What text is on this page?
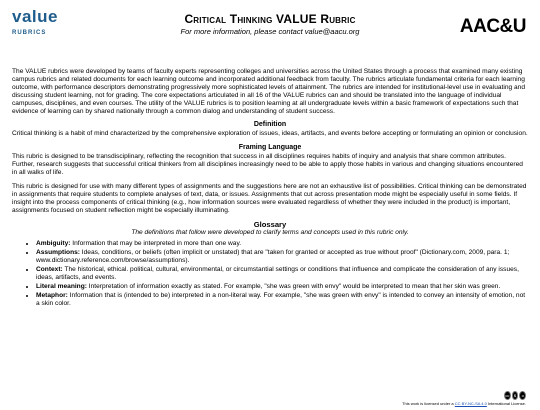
value
RUBRICS
Critical Thinking VALUE Rubric
For more information, please contact value@aacu.org	AAC&U

The VALUE rubrics were developed by teams of faculty experts representing colleges and universities across the United States through a process that examined many existing campus rubrics and related documents for each learning outcome and incorporated additional feedback from faculty. The rubrics articulate fundamental criteria for each learning outcome, with performance descriptors demonstrating progressively more sophisticated levels of attainment. The rubrics are intended for institutional-level use in evaluating and discussing student learning, not for grading. The core expectations articulated in all 16 of the VALUE rubrics can and should be translated into the language of individual campuses, disciplines, and even courses. The utility of the VALUE rubrics is to position learning at all undergraduate levels within a basic framework of expectations such that evidence of learning can by shared nationally through a common dialog and understanding of student success.

Definition

Critical thinking is a habit of mind characterized by the comprehensive exploration of issues, ideas, artifacts, and events before accepting or formulating an opinion or conclusion.

Framing Language

This rubric is designed to be transdisciplinary, reflecting the recognition that success in all disciplines requires habits of inquiry and analysis that share common attributes. Further, research suggests that successful critical thinkers from all disciplines increasingly need to be able to apply those habits in various and changing situations encountered in all walks of life.

This rubric is designed for use with many different types of assignments and the suggestions here are not an exhaustive list of possibilities. Critical thinking can be demonstrated in assignments that require students to complete analyses of text, data, or issues. Assignments that cut across presentation mode might be especially useful in some fields. If insight into the process components of critical thinking (e.g., how information sources were evaluated regardless of whether they were included in the product) is important, assignments focused on student reflection might be especially illuminating.

Glossary
The definitions that follow were developed to clarify terms and concepts used in this rubric only.
• Ambiguity: Information that may be interpreted in more than one way.
• Assumptions: Ideas, conditions, or beliefs (often implicit or unstated) that are "taken for granted or accepted as true without proof" (Dictionary.com, 2009, para. 1; www.dictionary.reference.com/browse/assumptions).
• Context: The historical, ethical. political, cultural, environmental, or circumstantial settings or conditions that influence and complicate the consideration of any issues, ideas, artifacts, and events.
• Literal meaning: Interpretation of information exactly as stated. For example, "she was green with envy" would be interpreted to mean that her skin was green.
• Metaphor: Information that is (intended to be) interpreted in a non-literal way. For example, "she was green with envy" is intended to convey an intensity of emotion, not a skin color.
cc	$	o
This work is licensed under a CC BY-NC-SA 4.0 International License.
